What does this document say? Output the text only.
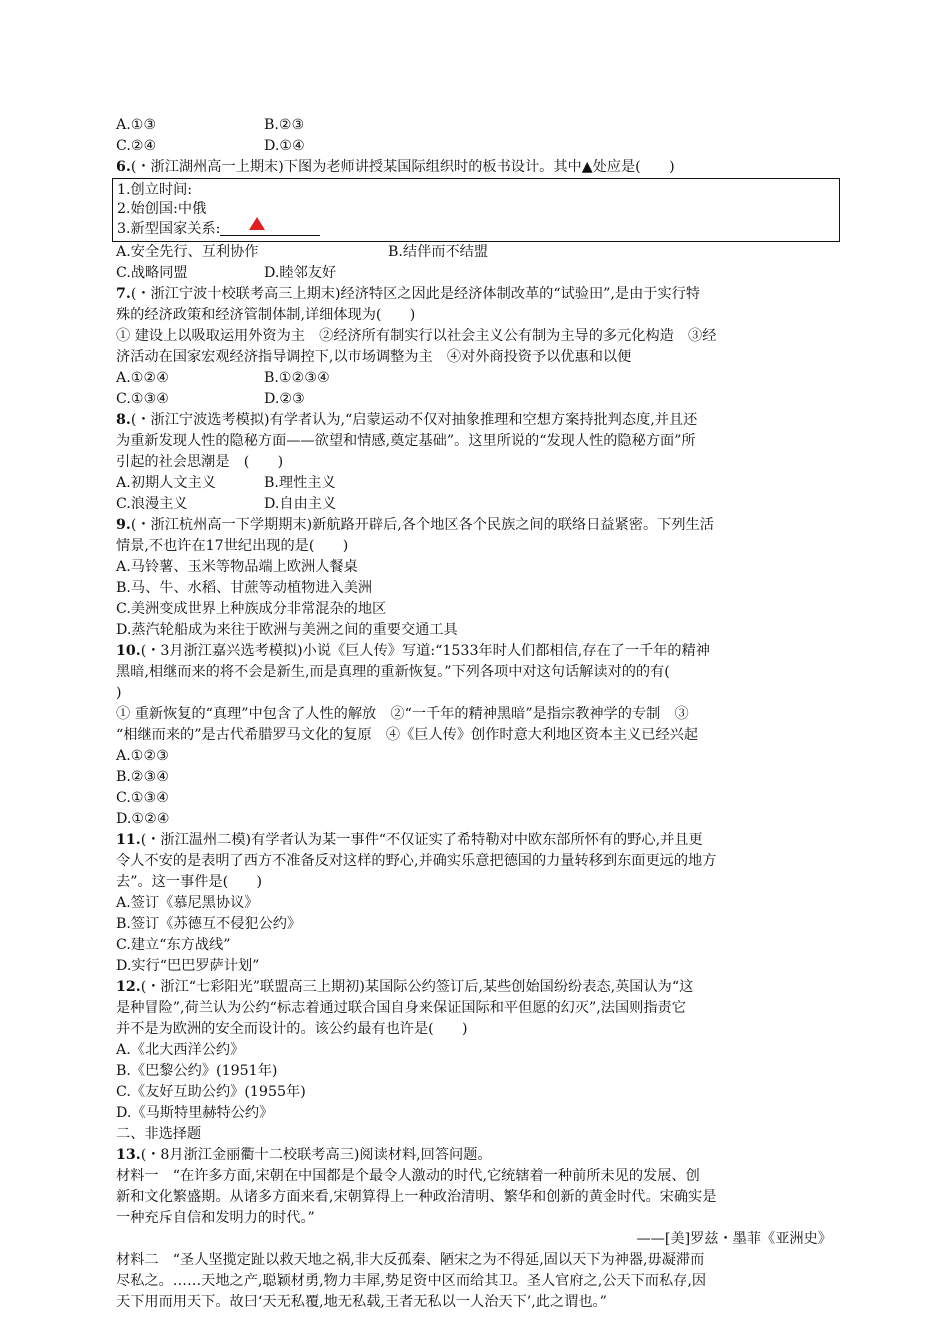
A.①③	B.②③
C.②④	D.①④
6.(・浙江湖州高一上期末)下图为老师讲授某国际组织时的板书设计。其中▲处应是(　　)
1.创立时间:
2.始创国:中俄
3.新型国家关系:
A.安全先行、互利协作	B.结伴而不结盟
C.战略同盟	D.睦邻友好
7.(・浙江宁波十校联考高三上期末)经济特区之因此是经济体制改革的“试验田”,是由于实行特
殊的经济政策和经济管制体制,详细体现为(　　)
① 建设上以吸取运用外资为主　②经济所有制实行以社会主义公有制为主导的多元化构造　③经
济活动在国家宏观经济指导调控下,以市场调整为主　④对外商投资予以优惠和以便
A.①②④	B.①②③④
C.①③④	D.②③
8.(・浙江宁波选考模拟)有学者认为,“启蒙运动不仅对抽象推理和空想方案持批判态度,并且还
为重新发现人性的隐秘方面——欲望和情感,奠定基础”。这里所说的“发现人性的隐秘方面”所
引起的社会思潮是　(　　)
A.初期人文主义	B.理性主义
C.浪漫主义	D.自由主义
9.(・浙江杭州高一下学期期末)新航路开辟后,各个地区各个民族之间的联络日益紧密。下列生活
情景,不也许在17世纪出现的是(　　)
A.马铃薯、玉米等物品端上欧洲人餐桌
B.马、牛、水稻、甘蔗等动植物进入美洲
C.美洲变成世界上种族成分非常混杂的地区
D.蒸汽轮船成为来往于欧洲与美洲之间的重要交通工具
10.(・3月浙江嘉兴选考模拟)小说《巨人传》写道:“1533年时人们都相信,存在了一千年的精神
黑暗,相继而来的将不会是新生,而是真理的重新恢复。”下列各项中对这句话解读对的的有(
)
① 重新恢复的“真理”中包含了人性的解放　②“一千年的精神黑暗”是指宗教神学的专制　③
“相继而来的”是古代希腊罗马文化的复原　④《巨人传》创作时意大利地区资本主义已经兴起
A.①②③
B.②③④
C.①③④
D.①②④
11.(・浙江温州二模)有学者认为某一事件“不仅证实了希特勒对中欧东部所怀有的野心,并且更
令人不安的是表明了西方不准备反对这样的野心,并确实乐意把德国的力量转移到东面更远的地方
去”。这一事件是(　　)
A.签订《慕尼黑协议》
B.签订《苏德互不侵犯公约》
C.建立“东方战线”
D.实行“巴巴罗萨计划”
12.(・浙江“七彩阳光”联盟高三上期初)某国际公约签订后,某些创始国纷纷表态,英国认为“这
是种冒险”,荷兰认为公约“标志着通过联合国自身来保证国际和平但愿的幻灭”,法国则指责它
并不是为欧洲的安全而设计的。该公约最有也许是(　　)
A.《北大西洋公约》
B.《巴黎公约》(1951年)
C.《友好互助公约》(1955年)
D.《马斯特里赫特公约》
二、非选择题
13.(・8月浙江金丽衢十二校联考高三)阅读材料,回答问题。
材料一　“在许多方面,宋朝在中国都是个最令人激动的时代,它统辖着一种前所未见的发展、创
新和文化繁盛期。从诸多方面来看,宋朝算得上一种政治清明、繁华和创新的黄金时代。宋确实是
一种充斥自信和发明力的时代。”
——[美]罗兹・墨菲《亚洲史》
材料二　“圣人坚揽定趾以救天地之祸,非大反孤秦、陋宋之为不得延,固以天下为神器,毋凝滞而
尽私之。……天地之产,聪颖材勇,物力丰犀,势足资中区而给其卫。圣人官府之,公天下而私存,因
天下用而用天下。故曰‘天无私覆,地无私载,王者无私以一人治天下’,此之谓也。”
